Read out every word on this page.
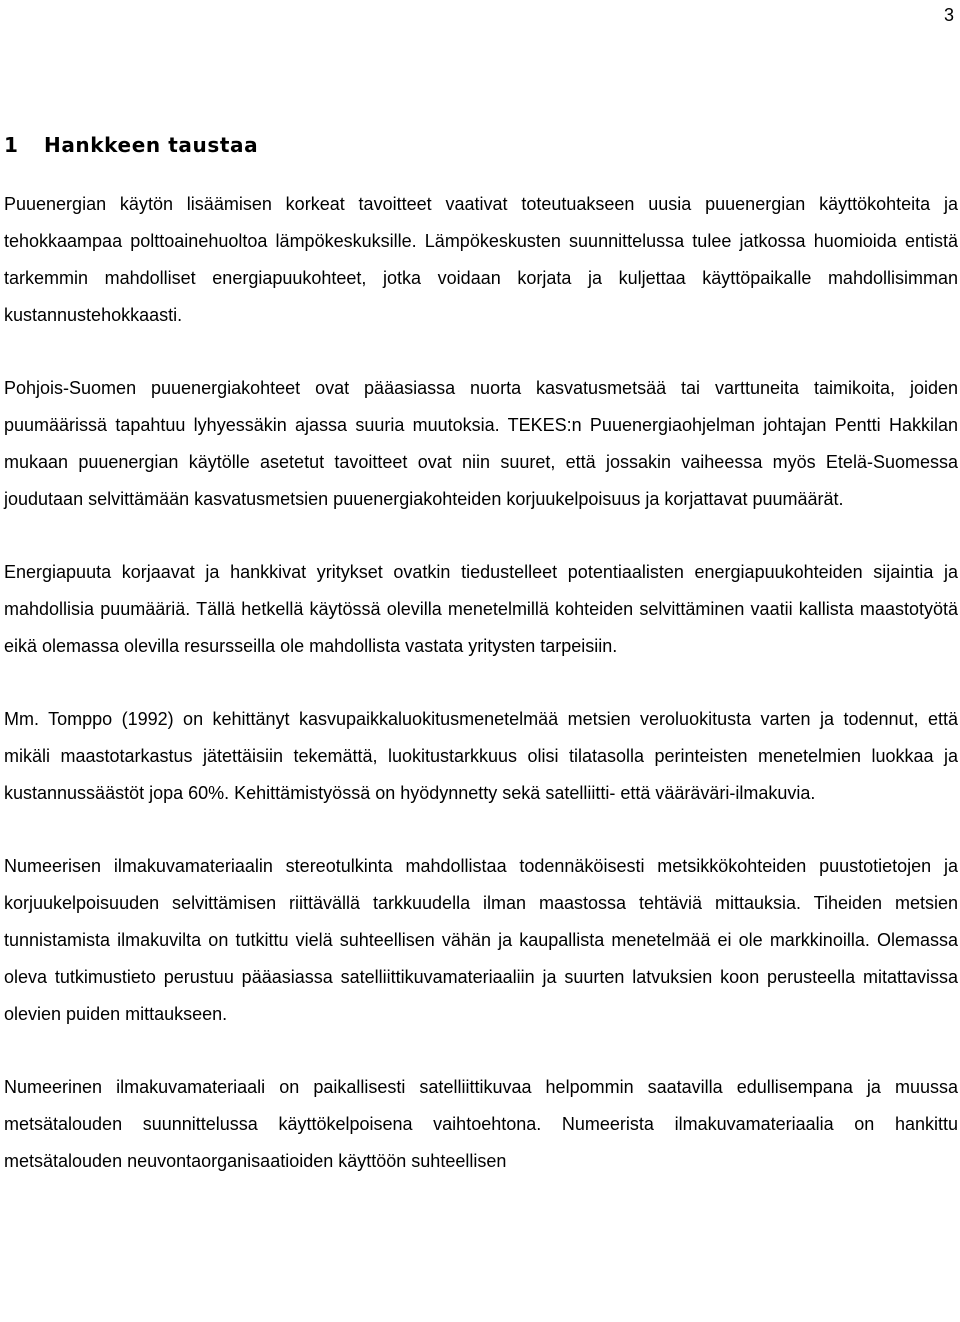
3
1 Hankkeen taustaa

Puuenergian käytön lisäämisen korkeat tavoitteet vaativat toteutuakseen uusia puuenergian käyttökohteita ja tehokkaampaa polttoainehuoltoa lämpökeskuksille. Lämpökeskusten suunnittelussa tulee jatkossa huomioida entistä tarkemmin mahdolliset energiapuukohteet, jotka voidaan korjata ja kuljettaa käyttöpaikalle mahdollisimman kustannustehokkaasti.

Pohjois-Suomen puuenergiakohteet ovat pääasiassa nuorta kasvatusmetsää tai varttuneita taimikoita, joiden puumäärissä tapahtuu lyhyessäkin ajassa suuria muutoksia. TEKES:n Puuenergiaohjelman johtajan Pentti Hakkilan mukaan puuenergian käytölle asetetut tavoitteet ovat niin suuret, että jossakin vaiheessa myös Etelä-Suomessa joudutaan selvittämään kasvatusmetsien puuenergiakohteiden korjuukelpoisuus ja korjattavat puumäärät.

Energiapuuta korjaavat ja hankkivat yritykset ovatkin tiedustelleet potentiaalisten energiapuukohteiden sijaintia ja mahdollisia puumääriä. Tällä hetkellä käytössä olevilla menetelmillä kohteiden selvittäminen vaatii kallista maastotyötä eikä olemassa olevilla resursseilla ole mahdollista vastata yritysten tarpeisiin.

Mm. Tomppo (1992) on kehittänyt kasvupaikkaluokitusmenetelmää metsien veroluokitusta varten ja todennut, että mikäli maastotarkastus jätettäisiin tekemättä, luokitustarkkuus olisi tilatasolla perinteisten menetelmien luokkaa ja kustannussäästöt jopa 60%. Kehittämistyössä on hyödynnetty sekä satelliitti- että vääräväri-ilmakuvia.

Numeerisen ilmakuvamateriaalin stereotulkinta mahdollistaa todennäköisesti metsikkökohteiden puustotietojen ja korjuukelpoisuuden selvittämisen riittävällä tarkkuudella ilman maastossa tehtäviä mittauksia. Tiheiden metsien tunnistamista ilmakuvilta on tutkittu vielä suhteellisen vähän ja kaupallista menetelmää ei ole markkinoilla. Olemassa oleva tutkimustieto perustuu pääasiassa satelliittikuvamateriaaliin ja suurten latvuksien koon perusteella mitattavissa olevien puiden mittaukseen.

Numeerinen ilmakuvamateriaali on paikallisesti satelliittikuvaa helpommin saatavilla edullisempana ja muussa metsätalouden suunnittelussa käyttökelpoisena vaihtoehtona. Numeerista ilmakuvamateriaalia on hankittu metsätalouden neuvontaorganisaatioiden käyttöön suhteellisen
